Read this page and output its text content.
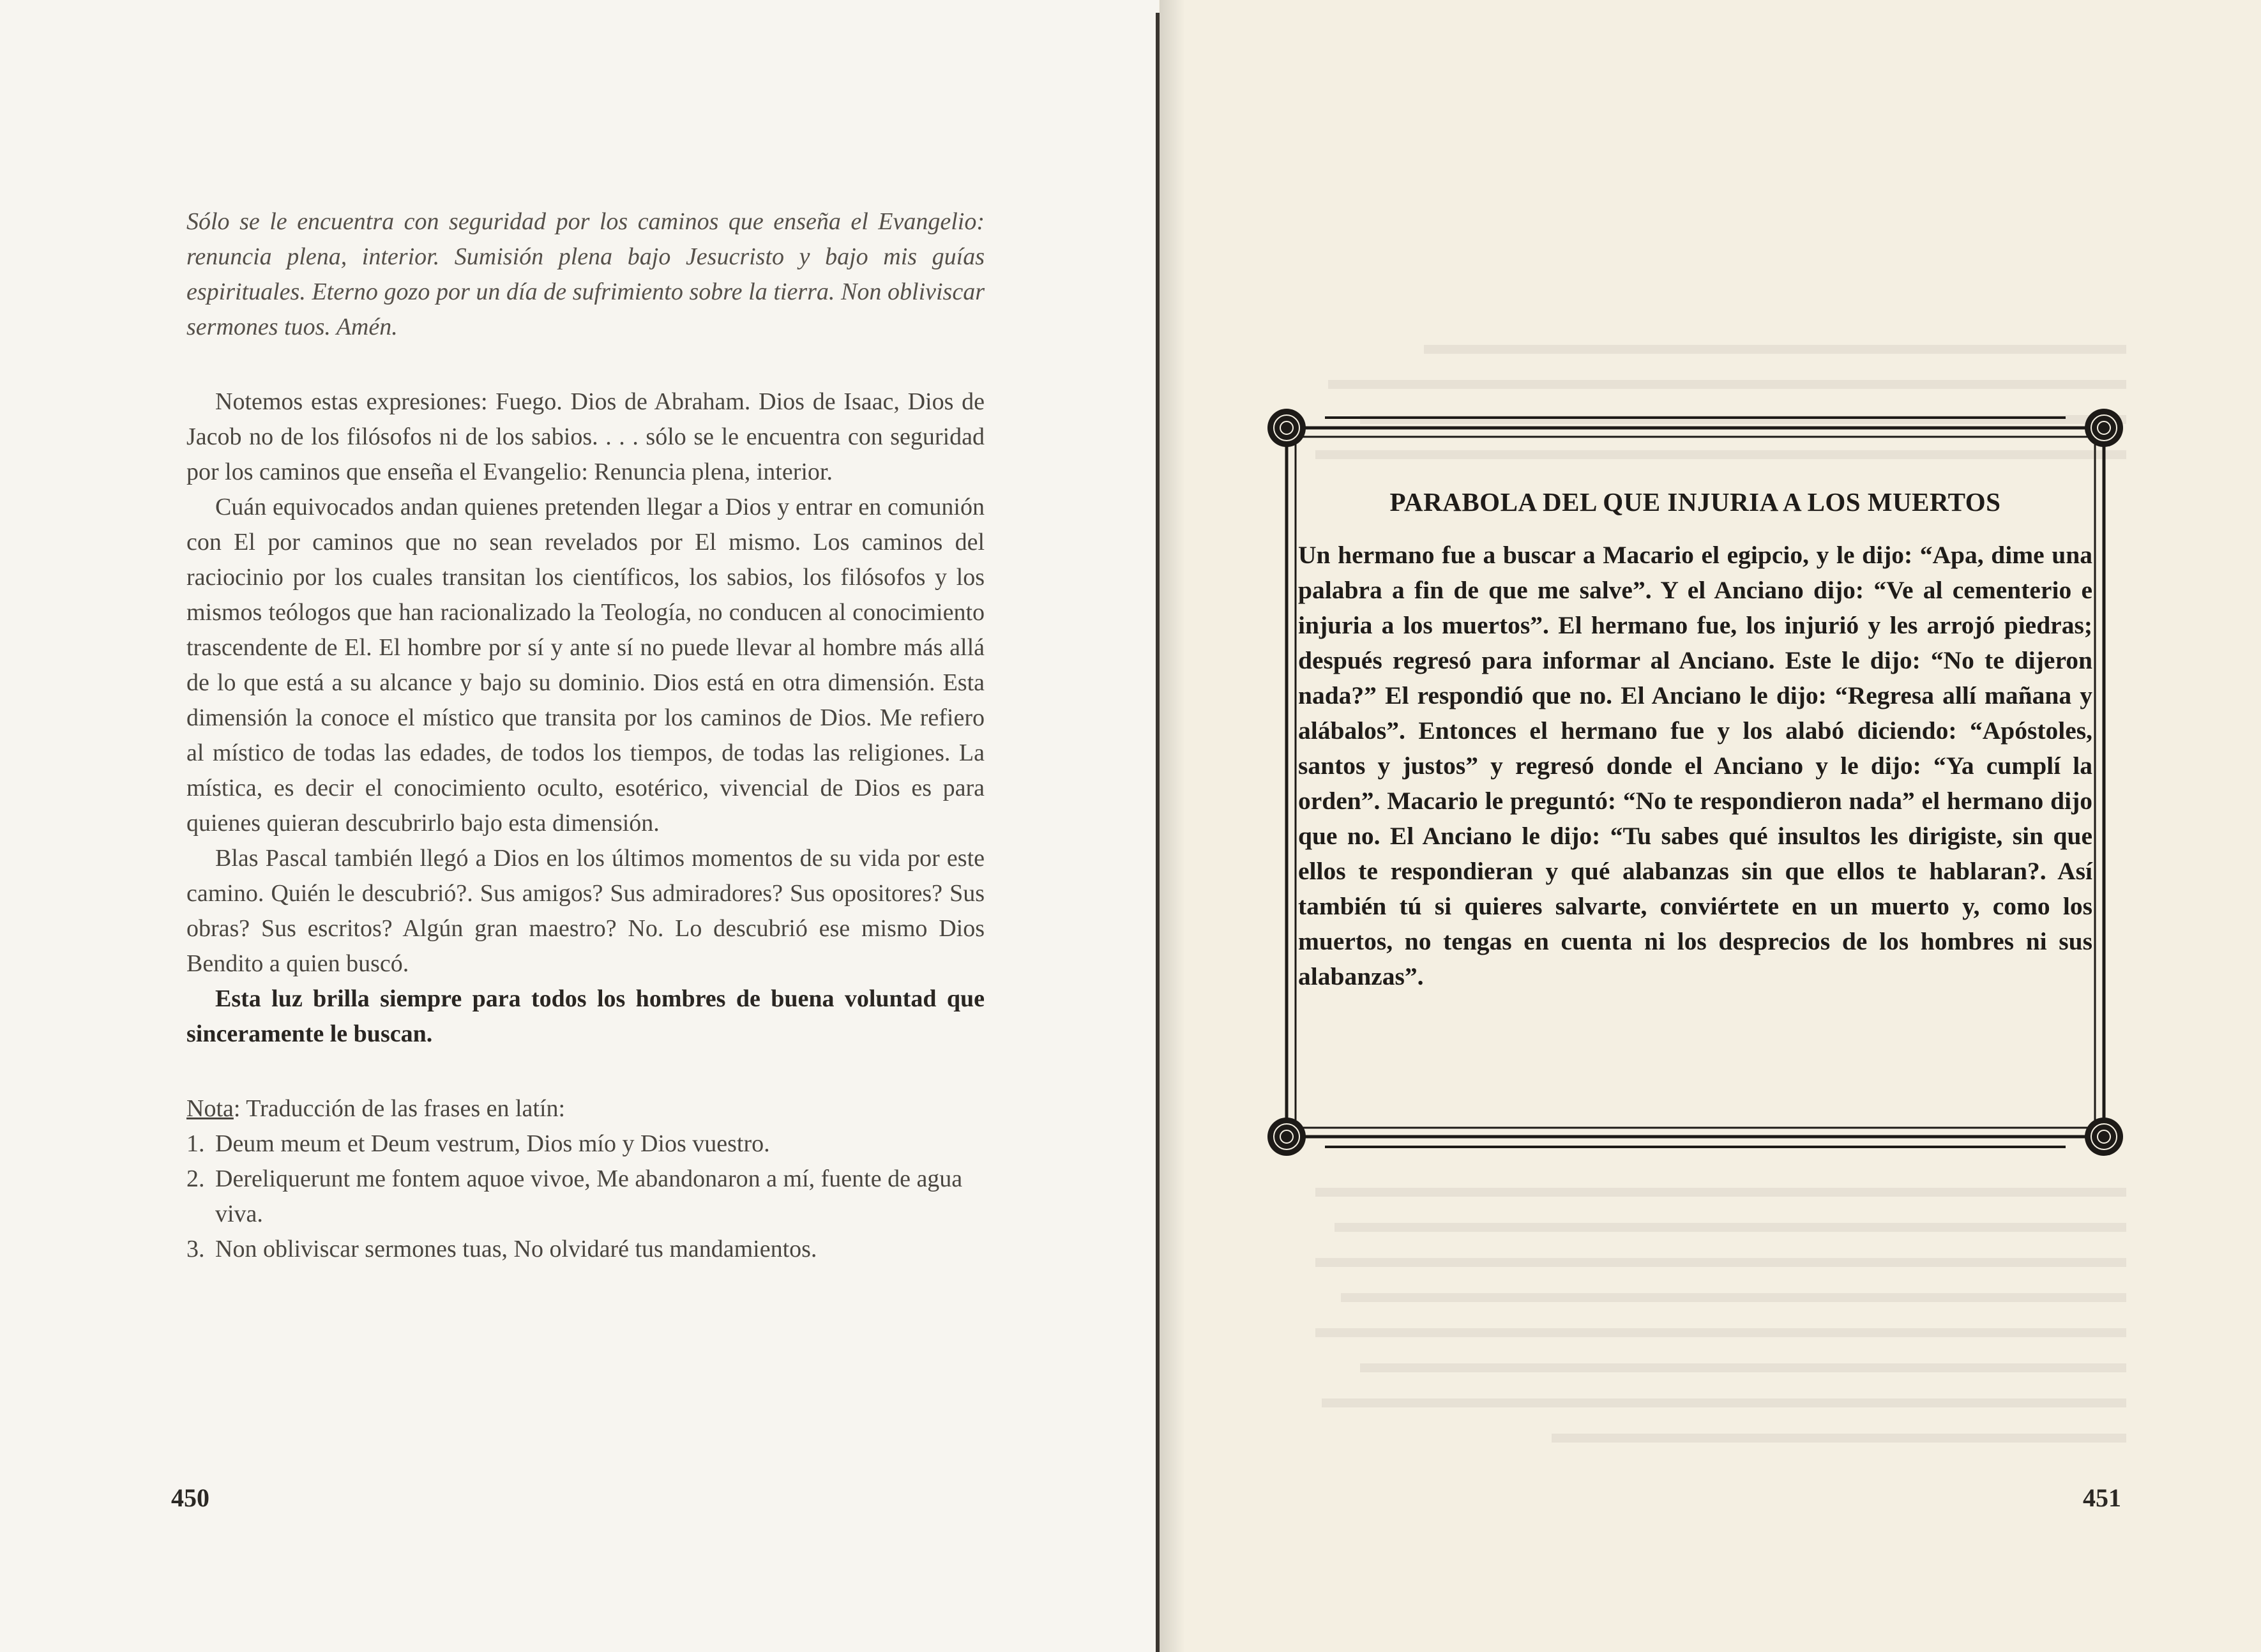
Sólo se le encuentra con seguridad por los caminos que enseña el Evangelio: renuncia plena, interior. Sumisión plena bajo Jesucristo y bajo mis guías espirituales. Eterno gozo por un día de sufrimiento sobre la tierra. Non obliviscar sermones tuos. Amén.

Notemos estas expresiones: Fuego. Dios de Abraham. Dios de Isaac, Dios de Jacob no de los filósofos ni de los sabios. . . . sólo se le encuentra con seguridad por los caminos que enseña el Evangelio: Renuncia plena, interior.

Cuán equivocados andan quienes pretenden llegar a Dios y entrar en comunión con El por caminos que no sean revelados por El mismo. Los caminos del raciocinio por los cuales transitan los científicos, los sabios, los filósofos y los mismos teólogos que han racionalizado la Teología, no conducen al conocimiento trascendente de El. El hombre por sí y ante sí no puede llevar al hombre más allá de lo que está a su alcance y bajo su dominio. Dios está en otra dimensión. Esta dimensión la conoce el místico que transita por los caminos de Dios. Me refiero al místico de todas las edades, de todos los tiempos, de todas las religiones. La mística, es decir el conocimiento oculto, esotérico, vivencial de Dios es para quienes quieran descubrirlo bajo esta dimensión.

Blas Pascal también llegó a Dios en los últimos momentos de su vida por este camino. Quién le descubrió?. Sus amigos? Sus admiradores? Sus opositores? Sus obras? Sus escritos? Algún gran maestro? No. Lo descubrió ese mismo Dios Bendito a quien buscó.

Esta luz brilla siempre para todos los hombres de buena voluntad que sinceramente le buscan.

Nota: Traducción de las frases en latín:

1. Deum meum et Deum vestrum, Dios mío y Dios vuestro.
2. Dereliquerunt me fontem aquoe vivoe, Me abandonaron a mí, fuente de agua viva.
3. Non obliviscar sermones tuas, No olvidaré tus mandamientos.
450
PARABOLA DEL QUE INJURIA A LOS MUERTOS

Un hermano fue a buscar a Macario el egipcio, y le dijo: “Apa, dime una palabra a fin de que me salve”. Y el Anciano dijo: “Ve al cementerio e injuria a los muertos”. El hermano fue, los injurió y les arrojó piedras; después regresó para informar al Anciano. Este le dijo: “No te dijeron nada?” El respondió que no. El Anciano le dijo: “Regresa allí mañana y alábalos”. Entonces el hermano fue y los alabó diciendo: “Apóstoles, santos y justos” y regresó donde el Anciano y le dijo: “Ya cumplí la orden”. Macario le preguntó: “No te respondieron nada” el hermano dijo que no. El Anciano le dijo: “Tu sabes qué insultos les dirigiste, sin que ellos te respondieran y qué alabanzas sin que ellos te hablaran?. Así también tú si quieres salvarte, conviértete en un muerto y, como los muertos, no tengas en cuenta ni los desprecios de los hombres ni sus alabanzas”.

451
